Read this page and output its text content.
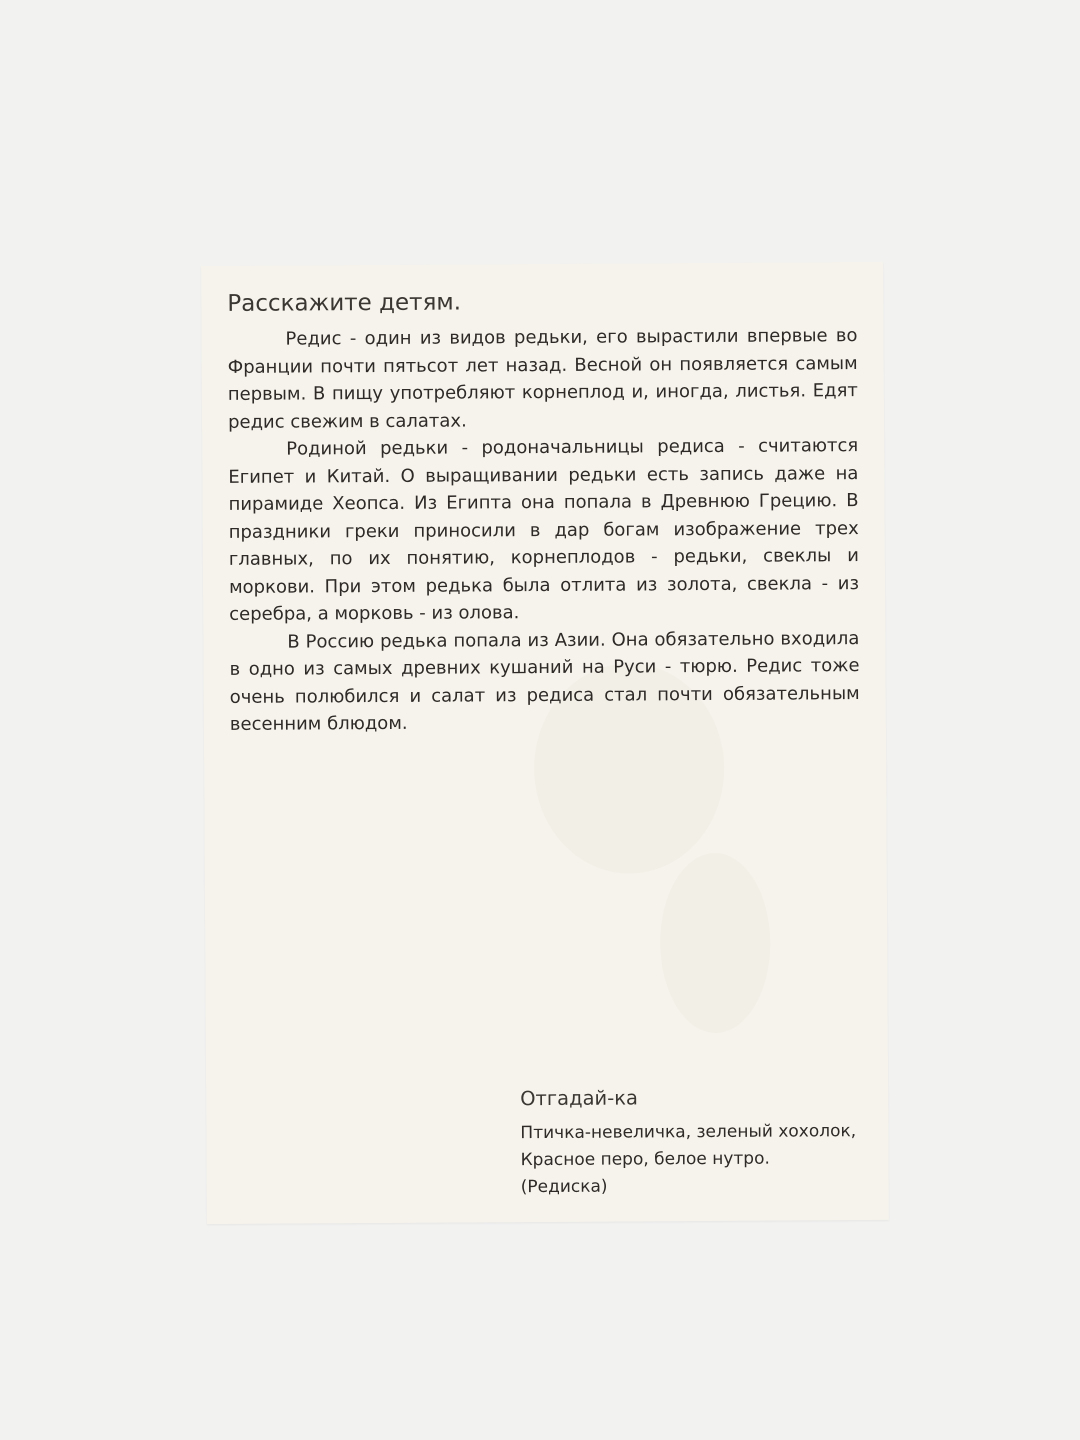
Расскажите детям.

Редис - один из видов редьки, его вырастили впервые во Франции почти пятьсот лет назад. Весной он появляется самым первым. В пищу употребляют корнеплод и, иногда, листья. Едят редис свежим в салатах.

Родиной редьки - родоначальницы редиса - считаются Египет и Китай. О выращивании редьки есть запись даже на пирамиде Хеопса. Из Египта она попала в Древнюю Грецию. В праздники греки приносили в дар богам изображение трех главных, по их понятию, корнеплодов - редьки, свеклы и моркови. При этом редька была отлита из золота, свекла - из серебра, а морковь - из олова.

В Россию редька попала из Азии. Она обязательно входила в одно из самых древних кушаний на Руси - тюрю. Редис тоже очень полюбился и салат из редиса стал почти обязательным весенним блюдом.

Отгадай-ка

Птичка-невеличка, зеленый хохолок,

Красное перо, белое нутро.

(Редиска)
